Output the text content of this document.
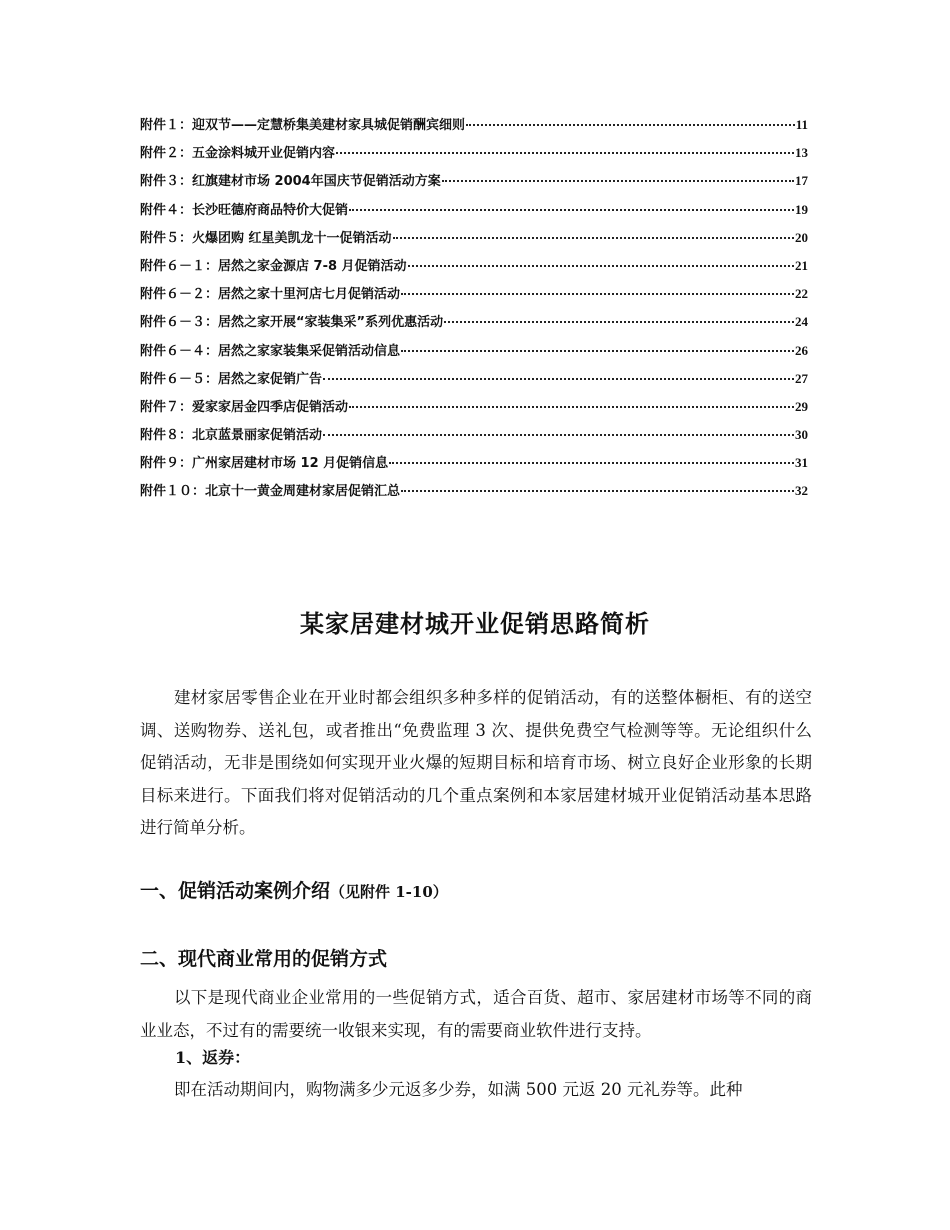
附件１：迎双节——定慧桥集美建材家具城促销酬宾细则	11
附件２：五金涂料城开业促销内容	13
附件３：红旗建材市场 2004年国庆节促销活动方案	17
附件４：长沙旺德府商品特价大促销	19
附件５：火爆团购 红星美凯龙十一促销活动	20
附件６－１：居然之家金源店 7-8 月促销活动	21
附件６－２：居然之家十里河店七月促销活动	22
附件６－３：居然之家开展“家装集采”系列优惠活动	24
附件６－４：居然之家家装集采促销活动信息	26
附件６－５：居然之家促销广告	27
附件７：爱家家居金四季店促销活动	29
附件８：北京蓝景丽家促销活动	30
附件９：广州家居建材市场 12 月促销信息	31
附件１０：北京十一黄金周建材家居促销汇总	32
某家居建材城开业促销思路简析
建材家居零售企业在开业时都会组织多种多样的促销活动，有的送整体橱柜、有的送空调、送购物券、送礼包，或者推出“免费监理 3 次、提供免费空气检测等等。无论组织什么促销活动，无非是围绕如何实现开业火爆的短期目标和培育市场、树立良好企业形象的长期目标来进行。下面我们将对促销活动的几个重点案例和本家居建材城开业促销活动基本思路进行简单分析。
一、促销活动案例介绍（见附件 1-10）
二、现代商业常用的促销方式
以下是现代商业企业常用的一些促销方式，适合百货、超市、家居建材市场等不同的商业业态，不过有的需要统一收银来实现，有的需要商业软件进行支持。
1、返券：
即在活动期间内，购物满多少元返多少券，如满 500 元返 20 元礼券等。此种
